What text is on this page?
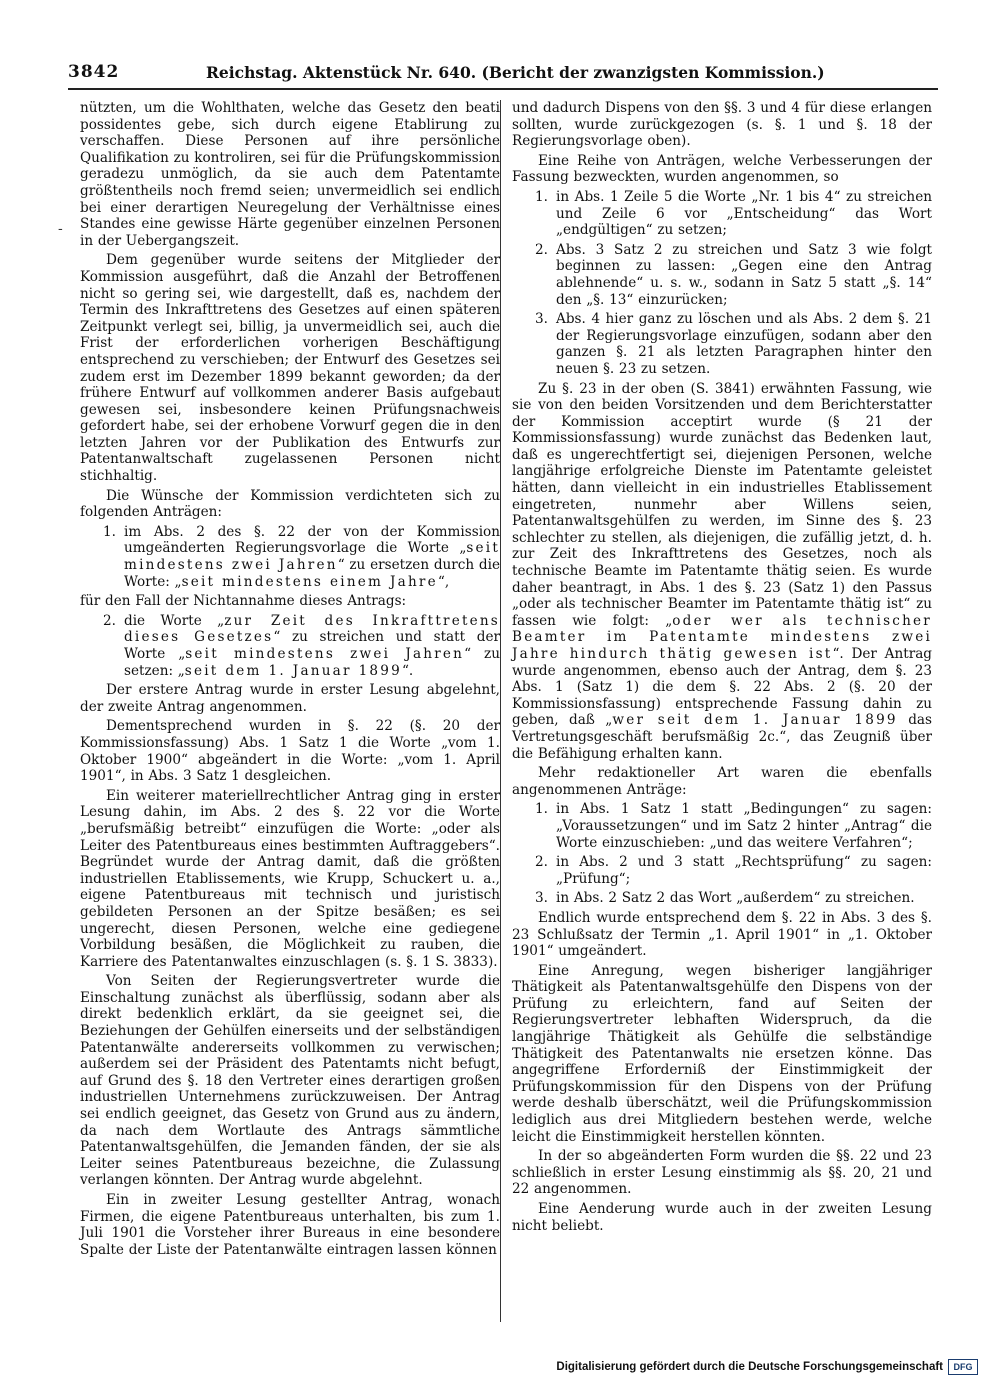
3842	Reichstag. Aktenstück Nr. 640. (Bericht der zwanzigsten Kommission.)
-

nützten, um die Wohlthaten, welche das Gesetz den beati possidentes gebe, sich durch eigene Etablirung zu verschaffen. Diese Personen auf ihre persönliche Qualifikation zu kontroliren, sei für die Prüfungskommission geradezu unmöglich, da sie auch dem Patentamte größtentheils noch fremd seien; unvermeidlich sei endlich bei einer derartigen Neuregelung der Verhältnisse eines Standes eine gewisse Härte gegenüber einzelnen Personen in der Uebergangszeit.

Dem gegenüber wurde seitens der Mitglieder der Kommission ausgeführt, daß die Anzahl der Betroffenen nicht so gering sei, wie dargestellt, daß es, nachdem der Termin des Inkrafttretens des Gesetzes auf einen späteren Zeitpunkt verlegt sei, billig, ja unvermeidlich sei, auch die Frist der erforderlichen vorherigen Beschäftigung entsprechend zu verschieben; der Entwurf des Gesetzes sei zudem erst im Dezember 1899 bekannt geworden; da der frühere Entwurf auf vollkommen anderer Basis aufgebaut gewesen sei, insbesondere keinen Prüfungsnachweis gefordert habe, sei der erhobene Vorwurf gegen die in den letzten Jahren vor der Publikation des Entwurfs zur Patentanwaltschaft zugelassenen Personen nicht stichhaltig.

Die Wünsche der Kommission verdichteten sich zu folgenden Anträgen:

1. im Abs. 2 des §. 22 der von der Kommission umgeänderten Regierungsvorlage die Worte „seit mindestens zwei Jahren“ zu ersetzen durch die Worte: „seit mindestens einem Jahre“,

für den Fall der Nichtannahme dieses Antrags:

2. die Worte „zur Zeit des Inkrafttretens dieses Gesetzes“ zu streichen und statt der Worte „seit mindestens zwei Jahren“ zu setzen: „seit dem 1. Januar 1899“.

Der erstere Antrag wurde in erster Lesung abgelehnt, der zweite Antrag angenommen.

Dementsprechend wurden in §. 22 (§. 20 der Kommissionsfassung) Abs. 1 Satz 1 die Worte „vom 1. Oktober 1900“ abgeändert in die Worte: „vom 1. April 1901“, in Abs. 3 Satz 1 desgleichen.

Ein weiterer materiellrechtlicher Antrag ging in erster Lesung dahin, im Abs. 2 des §. 22 vor die Worte „berufsmäßig betreibt“ einzufügen die Worte: „oder als Leiter des Patentbureaus eines bestimmten Auftraggebers“. Begründet wurde der Antrag damit, daß die größten industriellen Etablissements, wie Krupp, Schuckert u. a., eigene Patentbureaus mit technisch und juristisch gebildeten Personen an der Spitze besäßen; es sei ungerecht, diesen Personen, welche eine gediegene Vorbildung besäßen, die Möglichkeit zu rauben, die Karriere des Patentanwaltes einzuschlagen (s. §. 1 S. 3833).

Von Seiten der Regierungsvertreter wurde die Einschaltung zunächst als überflüssig, sodann aber als direkt bedenklich erklärt, da sie geeignet sei, die Beziehungen der Gehülfen einerseits und der selbständigen Patentanwälte andererseits vollkommen zu verwischen; außerdem sei der Präsident des Patentamts nicht befugt, auf Grund des §. 18 den Vertreter eines derartigen großen industriellen Unternehmens zurückzuweisen. Der Antrag sei endlich geeignet, das Gesetz von Grund aus zu ändern, da nach dem Wortlaute des Antrags sämmtliche Patentanwaltsgehülfen, die Jemanden fänden, der sie als Leiter seines Patentbureaus bezeichne, die Zulassung verlangen könnten. Der Antrag wurde abgelehnt.

Ein in zweiter Lesung gestellter Antrag, wonach Firmen, die eigene Patentbureaus unterhalten, bis zum 1. Juli 1901 die Vorsteher ihrer Bureaus in eine besondere Spalte der Liste der Patentanwälte eintragen lassen können

und dadurch Dispens von den §§. 3 und 4 für diese erlangen sollten, wurde zurückgezogen (s. §. 1 und §. 18 der Regierungsvorlage oben).

Eine Reihe von Anträgen, welche Verbesserungen der Fassung bezweckten, wurden angenommen, so

1. in Abs. 1 Zeile 5 die Worte „Nr. 1 bis 4“ zu streichen und Zeile 6 vor „Entscheidung“ das Wort „endgültigen“ zu setzen;
2. Abs. 3 Satz 2 zu streichen und Satz 3 wie folgt beginnen zu lassen: „Gegen eine den Antrag ablehnende“ u. s. w., sodann in Satz 5 statt „§. 14“ den „§. 13“ einzurücken;
3. Abs. 4 hier ganz zu löschen und als Abs. 2 dem §. 21 der Regierungsvorlage einzufügen, sodann aber den ganzen §. 21 als letzten Paragraphen hinter den neuen §. 23 zu setzen.

Zu §. 23 in der oben (S. 3841) erwähnten Fassung, wie sie von den beiden Vorsitzenden und dem Berichterstatter der Kommission acceptirt wurde (§ 21 der Kommissionsfassung) wurde zunächst das Bedenken laut, daß es ungerechtfertigt sei, diejenigen Personen, welche langjährige erfolgreiche Dienste im Patentamte geleistet hätten, dann vielleicht in ein industrielles Etablissement eingetreten, nunmehr aber Willens seien, Patentanwaltsgehülfen zu werden, im Sinne des §. 23 schlechter zu stellen, als diejenigen, die zufällig jetzt, d. h. zur Zeit des Inkrafttretens des Gesetzes, noch als technische Beamte im Patentamte thätig seien. Es wurde daher beantragt, in Abs. 1 des §. 23 (Satz 1) den Passus „oder als technischer Beamter im Patentamte thätig ist“ zu fassen wie folgt: „oder wer als technischer Beamter im Patentamte mindestens zwei Jahre hindurch thätig gewesen ist“. Der Antrag wurde angenommen, ebenso auch der Antrag, dem §. 23 Abs. 1 (Satz 1) die dem §. 22 Abs. 2 (§. 20 der Kommissionsfassung) entsprechende Fassung dahin zu geben, daß „wer seit dem 1. Januar 1899 das Vertretungsgeschäft berufsmäßig 2c.“, das Zeugniß über die Befähigung erhalten kann.

Mehr redaktioneller Art waren die ebenfalls angenommenen Anträge:

1. in Abs. 1 Satz 1 statt „Bedingungen“ zu sagen: „Voraussetzungen“ und im Satz 2 hinter „Antrag“ die Worte einzuschieben: „und das weitere Verfahren“;
2. in Abs. 2 und 3 statt „Rechtsprüfung“ zu sagen: „Prüfung“;
3. in Abs. 2 Satz 2 das Wort „außerdem“ zu streichen.

Endlich wurde entsprechend dem §. 22 in Abs. 3 des §. 23 Schlußsatz der Termin „1. April 1901“ in „1. Oktober 1901“ umgeändert.

Eine Anregung, wegen bisheriger langjähriger Thätigkeit als Patentanwaltsgehülfe den Dispens von der Prüfung zu erleichtern, fand auf Seiten der Regierungsvertreter lebhaften Widerspruch, da die langjährige Thätigkeit als Gehülfe die selbständige Thätigkeit des Patentanwalts nie ersetzen könne. Das angegriffene Erforderniß der Einstimmigkeit der Prüfungskommission für den Dispens von der Prüfung werde deshalb überschätzt, weil die Prüfungskommission lediglich aus drei Mitgliedern bestehen werde, welche leicht die Einstimmigkeit herstellen könnten.

In der so abgeänderten Form wurden die §§. 22 und 23 schließlich in erster Lesung einstimmig als §§. 20, 21 und 22 angenommen.

Eine Aenderung wurde auch in der zweiten Lesung nicht beliebt.

Digitalisierung gefördert durch die Deutsche Forschungsgemeinschaft	DFG
